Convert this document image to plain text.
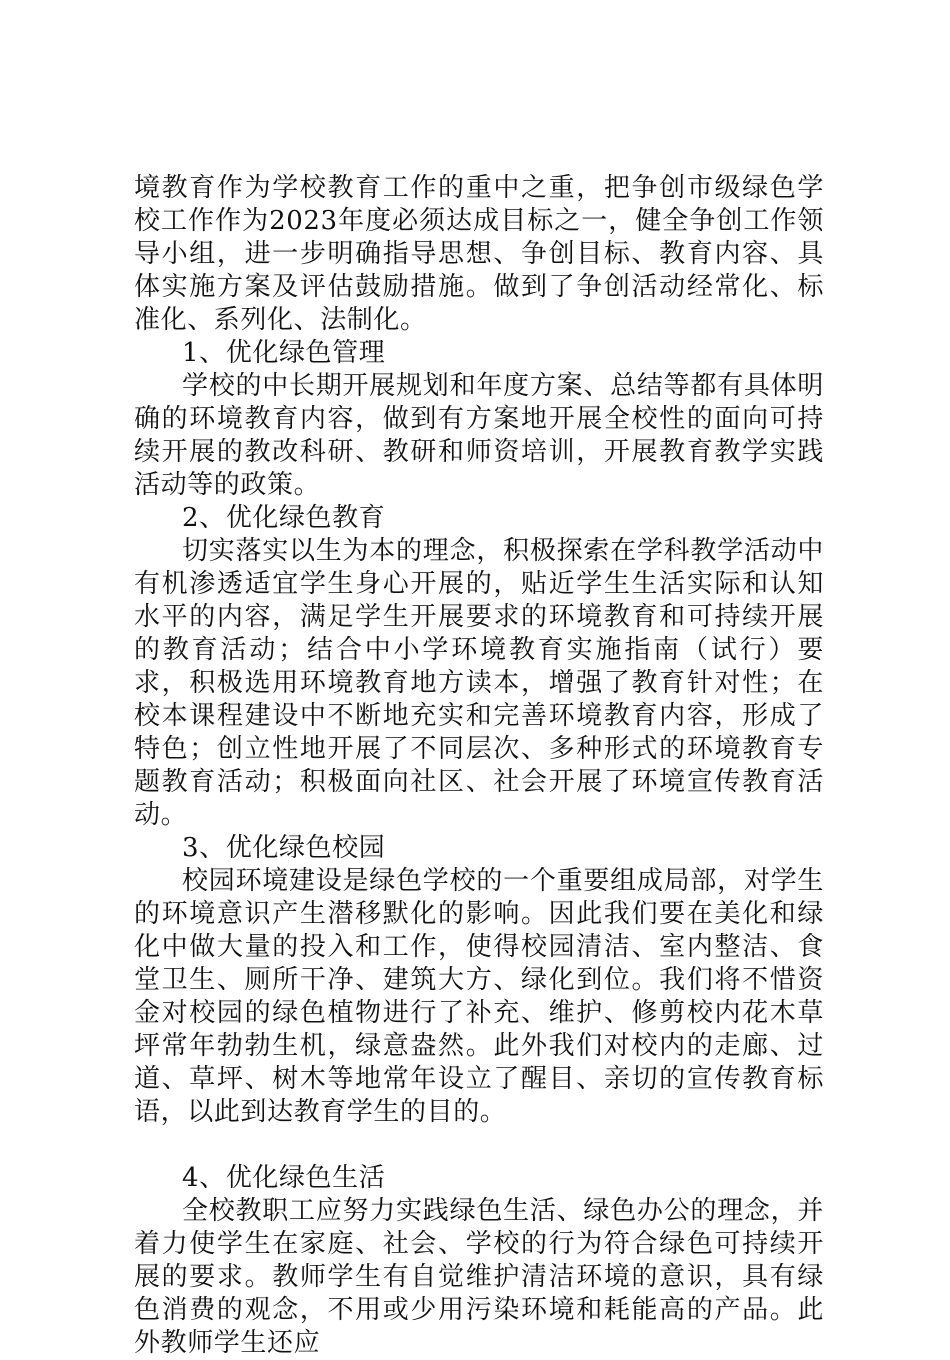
境教育作为学校教育工作的重中之重，把争创市级绿色学校工作作为2023年度必须达成目标之一，健全争创工作领导小组，进一步明确指导思想、争创目标、教育内容、具体实施方案及评估鼓励措施。做到了争创活动经常化、标准化、系列化、法制化。

1、优化绿色管理

学校的中长期开展规划和年度方案、总结等都有具体明确的环境教育内容，做到有方案地开展全校性的面向可持续开展的教改科研、教研和师资培训，开展教育教学实践活动等的政策。

2、优化绿色教育

切实落实以生为本的理念，积极探索在学科教学活动中有机渗透适宜学生身心开展的，贴近学生生活实际和认知水平的内容，满足学生开展要求的环境教育和可持续开展的教育活动；结合中小学环境教育实施指南（试行）要求，积极选用环境教育地方读本，增强了教育针对性；在校本课程建设中不断地充实和完善环境教育内容，形成了特色；创立性地开展了不同层次、多种形式的环境教育专题教育活动；积极面向社区、社会开展了环境宣传教育活动。

3、优化绿色校园

校园环境建设是绿色学校的一个重要组成局部，对学生的环境意识产生潜移默化的影响。因此我们要在美化和绿化中做大量的投入和工作，使得校园清洁、室内整洁、食堂卫生、厕所干净、建筑大方、绿化到位。我们将不惜资金对校园的绿色植物进行了补充、维护、修剪校内花木草坪常年勃勃生机，绿意盎然。此外我们对校内的走廊、过道、草坪、树木等地常年设立了醒目、亲切的宣传教育标语，以此到达教育学生的目的。

4、优化绿色生活

全校教职工应努力实践绿色生活、绿色办公的理念，并着力使学生在家庭、社会、学校的行为符合绿色可持续开展的要求。教师学生有自觉维护清洁环境的意识，具有绿色消费的观念，不用或少用污染环境和耗能高的产品。此外教师学生还应
